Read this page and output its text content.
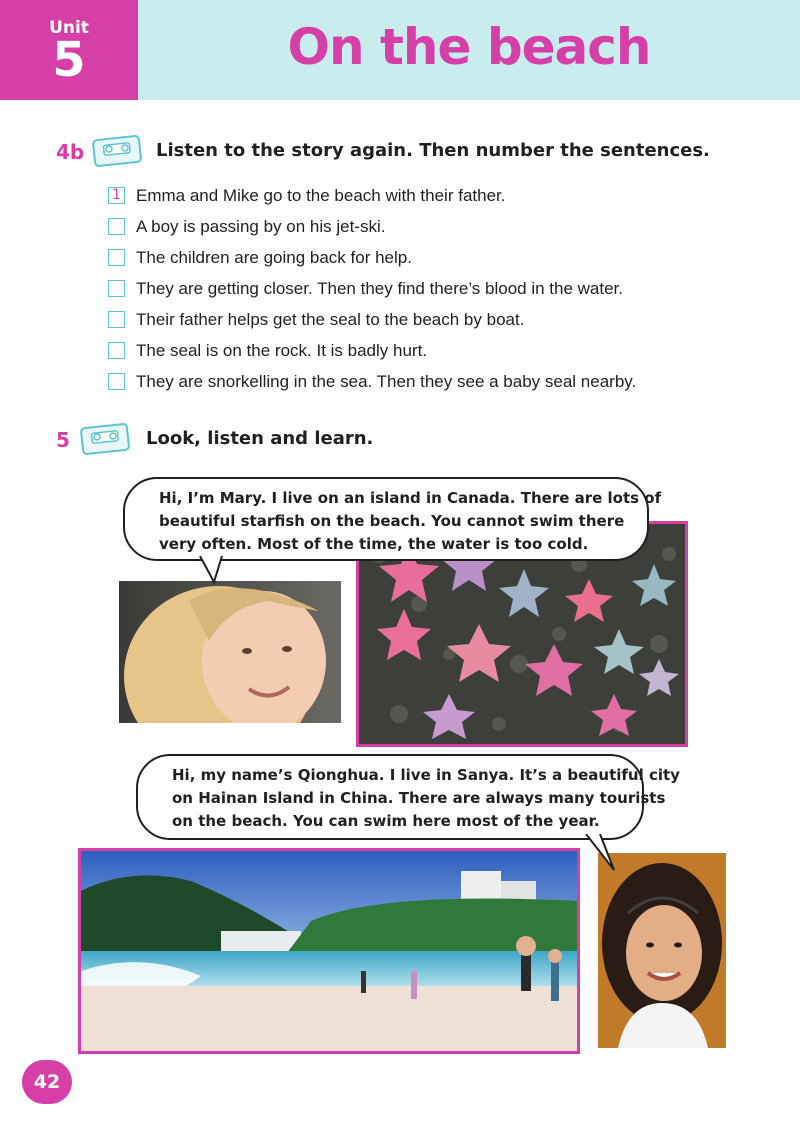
Unit
5	On the beach
4b	Listen to the story again. Then number the sentences.
1 Emma and Mike go to the beach with their father.
A boy is passing by on his jet-ski.
The children are going back for help.
They are getting closer. Then they find there’s blood in the water.
Their father helps get the seal to the beach by boat.
The seal is on the rock. It is badly hurt.
They are snorkelling in the sea. Then they see a baby seal nearby.
5	Look, listen and learn.
Hi, I’m Mary. I live on an island in Canada. There are lots of
beautiful starfish on the beach. You cannot swim there
very often. Most of the time, the water is too cold.
Hi, my name’s Qionghua. I live in Sanya. It’s a beautiful city
on Hainan Island in China. There are always many tourists
on the beach. You can swim here most of the year.
42
